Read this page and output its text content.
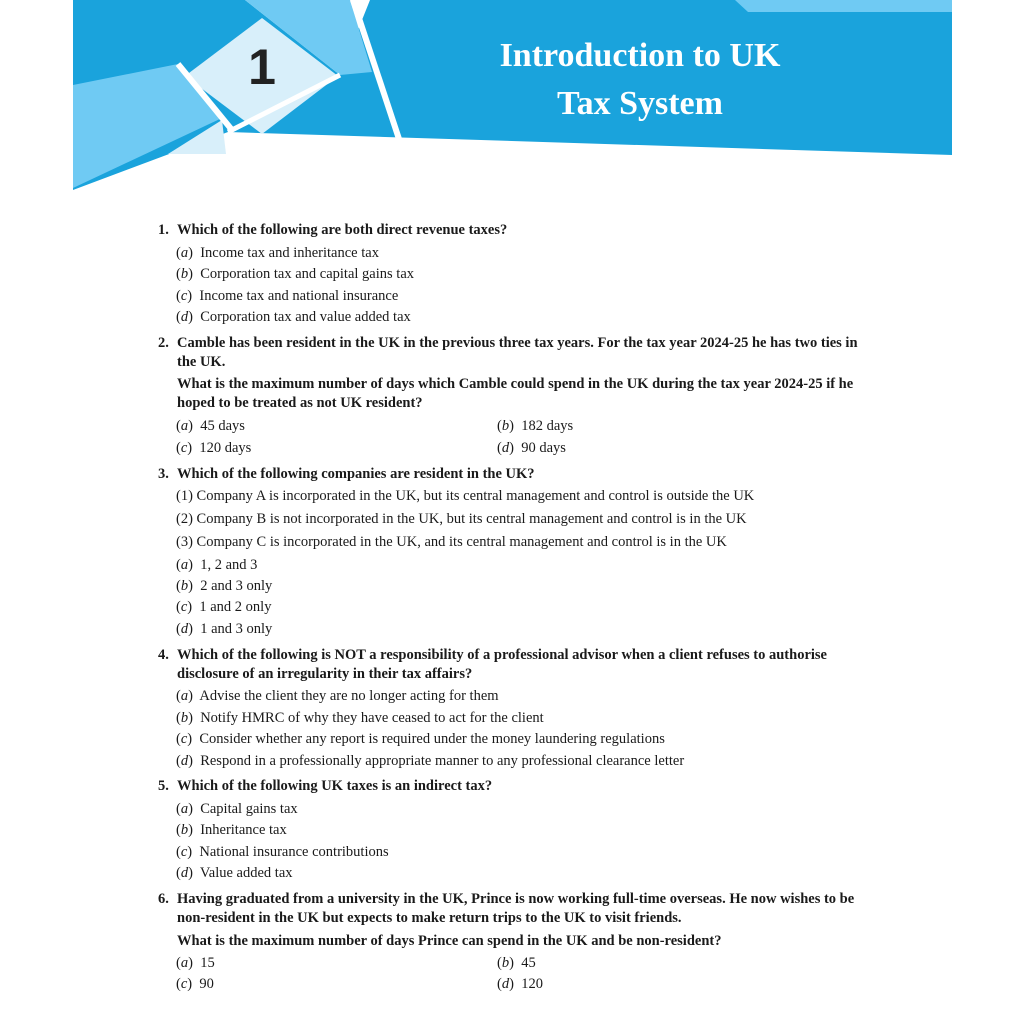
1	Introduction to UK
Tax System
1. Which of the following are both direct revenue taxes?
(a)  Income tax and inheritance tax
(b)  Corporation tax and capital gains tax
(c)  Income tax and national insurance
(d)  Corporation tax and value added tax
2. Camble has been resident in the UK in the previous three tax years. For the tax year 2024-25 he has two ties in the UK.
What is the maximum number of days which Camble could spend in the UK during the tax year 2024-25 if he hoped to be treated as not UK resident?
(a)  45 days	(b)  182 days
(c)  120 days	(d)  90 days
3. Which of the following companies are resident in the UK?
(1) Company A is incorporated in the UK, but its central management and control is outside the UK
(2) Company B is not incorporated in the UK, but its central management and control is in the UK
(3) Company C is incorporated in the UK, and its central management and control is in the UK
(a)  1, 2 and 3
(b)  2 and 3 only
(c)  1 and 2 only
(d)  1 and 3 only
4. Which of the following is NOT a responsibility of a professional advisor when a client refuses to authorise disclosure of an irregularity in their tax affairs?
(a)  Advise the client they are no longer acting for them
(b)  Notify HMRC of why they have ceased to act for the client
(c)  Consider whether any report is required under the money laundering regulations
(d)  Respond in a professionally appropriate manner to any professional clearance letter
5. Which of the following UK taxes is an indirect tax?
(a)  Capital gains tax
(b)  Inheritance tax
(c)  National insurance contributions
(d)  Value added tax
6. Having graduated from a university in the UK, Prince is now working full-time overseas. He now wishes to be non-resident in the UK but expects to make return trips to the UK to visit friends.
What is the maximum number of days Prince can spend in the UK and be non-resident?
(a)  15	(b)  45
(c)  90	(d)  120
